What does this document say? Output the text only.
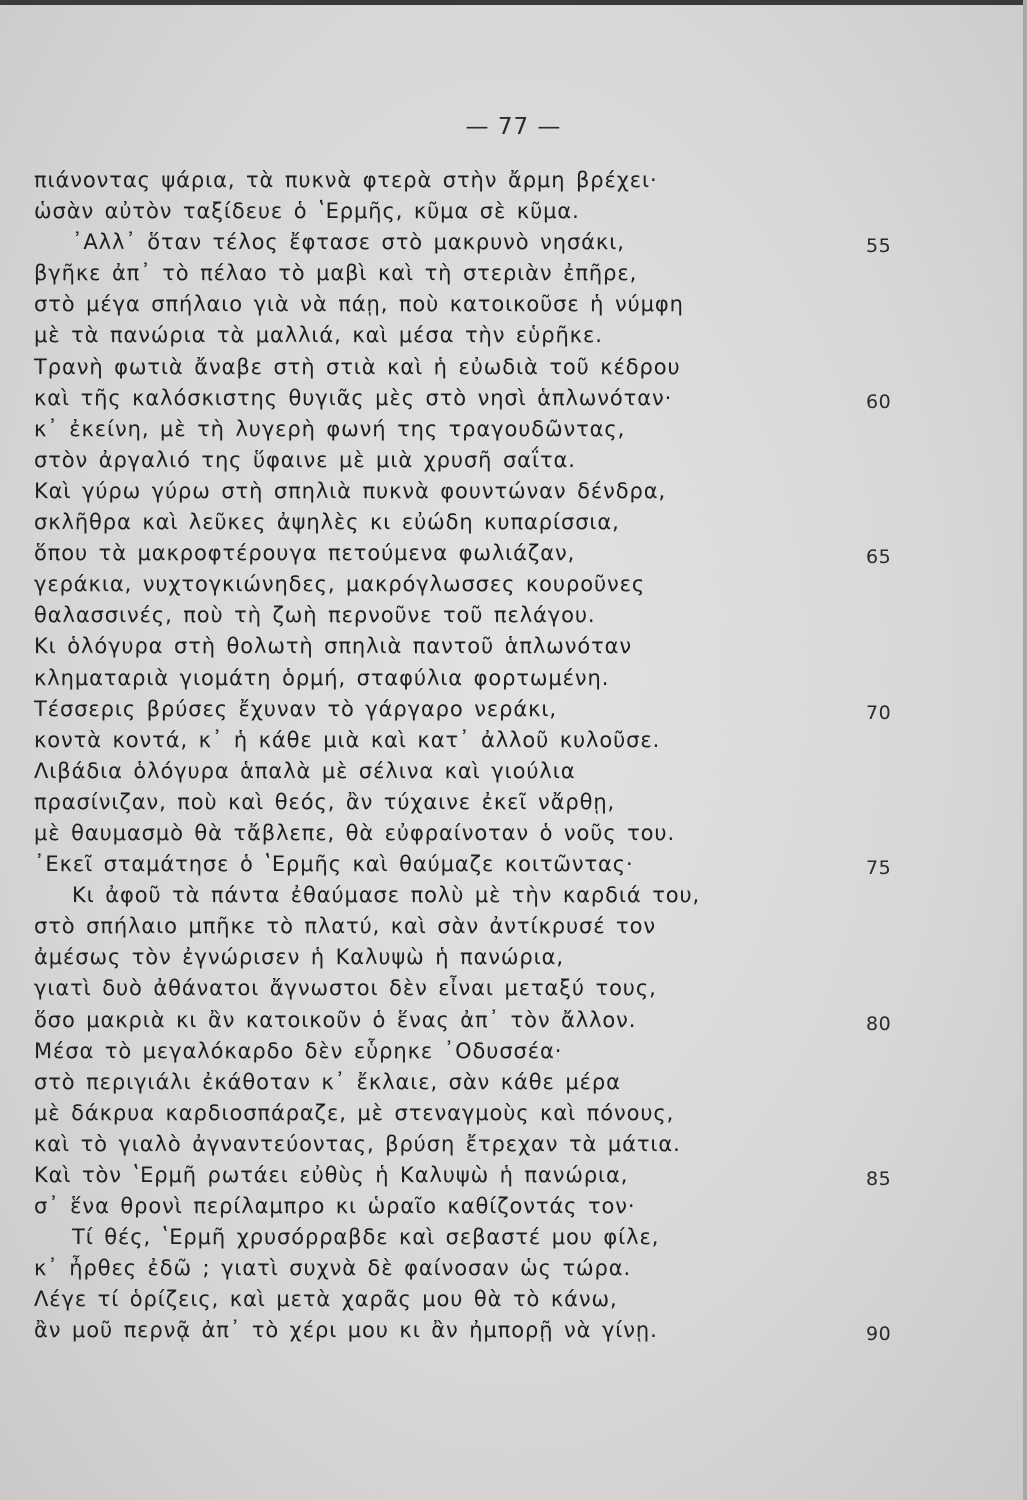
— 77 —
πιάνοντας ψάρια, τὰ πυκνὰ φτερὰ στὴν ἄρμη βρέχει·
ὡσὰν αὐτὸν ταξίδευε ὁ ʽΕρμῆς, κῦμα σὲ κῦμα.
᾽Αλλ᾽ ὅταν τέλος ἔφτασε στὸ μακρυνὸ νησάκι,	55
βγῆκε ἀπ᾽ τὸ πέλαο τὸ μαβὶ καὶ τὴ στεριὰν ἐπῆρε,
στὸ μέγα σπήλαιο γιὰ νὰ πάῃ, ποὺ κατοικοῦσε ἡ νύμφη
μὲ τὰ πανώρια τὰ μαλλιά, καὶ μέσα τὴν εὑρῆκε.
Τρανὴ φωτιὰ ἄναβε στὴ στιὰ καὶ ἡ εὐωδιὰ τοῦ κέδρου
καὶ τῆς καλόσκιστης θυγιᾶς μὲς στὸ νησὶ ἁπλωνόταν·	60
κ᾽ ἐκείνη, μὲ τὴ λυγερὴ φωνή της τραγουδῶντας,
στὸν ἀργαλιό της ὕφαινε μὲ μιὰ χρυσῆ σαΐτα.
Καὶ γύρω γύρω στὴ σπηλιὰ πυκνὰ φουντώναν δένδρα,
σκλῆθρα καὶ λεῦκες ἀψηλὲς κι εὐώδη κυπαρίσσια,
ὅπου τὰ μακροφτέρουγα πετούμενα φωλιάζαν,	65
γεράκια, νυχτογκιώνηδες, μακρόγλωσσες κουροῦνες
θαλασσινές, ποὺ τὴ ζωὴ περνοῦνε τοῦ πελάγου.
Κι ὁλόγυρα στὴ θολωτὴ σπηλιὰ παντοῦ ἁπλωνόταν
κληματαριὰ γιομάτη ὁρμή, σταφύλια φορτωμένη.
Τέσσερις βρύσες ἔχυναν τὸ γάργαρο νεράκι,	70
κοντὰ κοντά, κ᾽ ἡ κάθε μιὰ καὶ κατ᾽ ἀλλοῦ κυλοῦσε.
Λιβάδια ὁλόγυρα ἁπαλὰ μὲ σέλινα καὶ γιούλια
πρασίνιζαν, ποὺ καὶ θεός, ἂν τύχαινε ἐκεῖ νἄρθῃ,
μὲ θαυμασμὸ θὰ τἄβλεπε, θὰ εὐφραίνοταν ὁ νοῦς του.
᾽Εκεῖ σταμάτησε ὁ ʽΕρμῆς καὶ θαύμαζε κοιτῶντας·	75
Κι ἀφοῦ τὰ πάντα ἐθαύμασε πολὺ μὲ τὴν καρδιά του,
στὸ σπήλαιο μπῆκε τὸ πλατύ, καὶ σὰν ἀντίκρυσέ τον
ἀμέσως τὸν ἐγνώρισεν ἡ Καλυψὼ ἡ πανώρια,
γιατὶ δυὸ ἀθάνατοι ἄγνωστοι δὲν εἶναι μεταξύ τους,
ὅσο μακριὰ κι ἂν κατοικοῦν ὁ ἕνας ἀπ᾽ τὸν ἄλλον.	80
Μέσα τὸ μεγαλόκαρδο δὲν εὗρηκε ᾽Οδυσσέα·
στὸ περιγιάλι ἐκάθοταν κ᾽ ἔκλαιε, σὰν κάθε μέρα
μὲ δάκρυα καρδιοσπάραζε, μὲ στεναγμοὺς καὶ πόνους,
καὶ τὸ γιαλὸ ἀγναντεύοντας, βρύση ἔτρεχαν τὰ μάτια.
Καὶ τὸν ʽΕρμῆ ρωτάει εὐθὺς ἡ Καλυψὼ ἡ πανώρια,	85
σ᾽ ἕνα θρονὶ περίλαμπρο κι ὡραῖο καθίζοντάς τον·
Τί θές, ʽΕρμῆ χρυσόρραβδε καὶ σεβαστέ μου φίλε,
κ᾽ ἦρθες ἐδῶ ; γιατὶ συχνὰ δὲ φαίνοσαν ὡς τώρα.
Λέγε τί ὁρίζεις, καὶ μετὰ χαρᾶς μου θὰ τὸ κάνω,
ἂν μοῦ περνᾷ ἀπ᾽ τὸ χέρι μου κι ἂν ἠμπορῇ νὰ γίνῃ.	90
